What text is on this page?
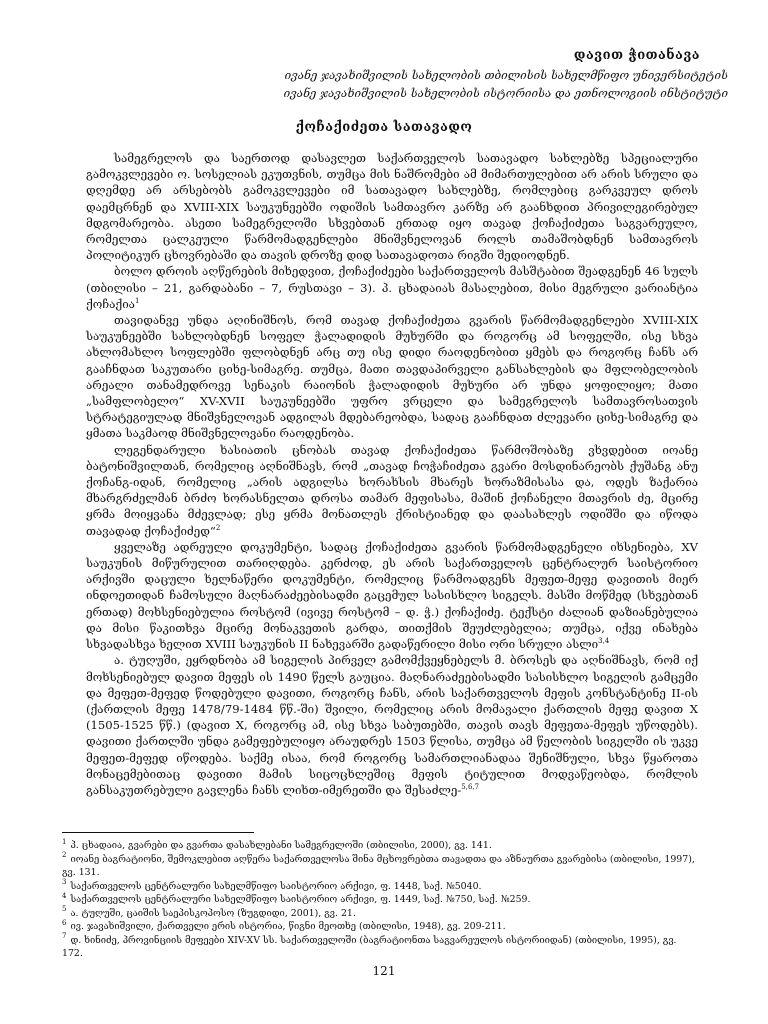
დავით ჭითანავა
ივანე ჯავახიშვილის სახელობის თბილისის სახელმწიფო უნივერსიტეტის
ივანე ჯავახიშვილის სახელობის ისტორიისა და ეთნოლოგიის ინსტიტუტი
ქოჩაქიძეთა სათავადო

სამეგრელოს და საერთოდ დასავლეთ საქართველოს სათავადო სახლებზე სპეციალური გამოკვლევები ო. სოსელიას ეკუთვნის, თუმცა მის ნაშრომები ამ მიმართულებით არ არის სრული და დღემდე არ არსებობს გამოკვლევები იმ სათავადო სახლებზე, რომლებიც გარკვეულ დროს დაემცრნენ და XVIII-XIX საუკუნეებში ოდიშის სამთავრო კარზე არ გაანხდით პრივილეგირებულ მდგომარეობა. ასეთი სამეგრელოში სხვებთან ერთად იყო თავად ქოჩაქიძეთა საგვარეულო, რომელთა ცალკეული წარმომადგენლები მნიშვნელოვან როლს თამაშობდნენ სამთავროს პოლიტიკურ ცხოვრებაში და თავის დროზე დიდ სათავადოთა რიგში შედიოდნენ.

ბოლო დროის აღწერების მიხედვით, ქოჩაქიძეები საქართველოს მასშტაბით შეადგენენ 46 სულს (თბილისი – 21, გარდაბანი – 7, რუსთავი – 3). პ. ცხადაიას მასალებით, მისი მეგრული ვარიანტია ქოჩაქია$^1$

თავიდანვე უნდა აღინიშნოს, რომ თავად ქოჩაქიძეთა გვარის წარმომადგენლები XVIII-XIX საუკუნეებში სახლობდნენ სოფელ ჭალადიდის მუხურში და როგორც ამ სოფელში, ისე სხვა ახლომახლო სოფლებში ფლობდნენ არც თუ ისე დიდი რაოდენობით ყმებს და როგორც ჩანს არ გააჩნდათ საკუთარი ციხე-სიმაგრე. თუმცა, მათი თავდაპირველი განსახლების და მფლობელობის არეალი თანამედროვე სენაკის რაიონის ჭალადიდის მუხური არ უნდა ყოფილიყო; მათი „სამფლობელო“ XV-XVII საუკუნეებში უფრო ვრცელი და სამეგრელოს სამთავროსათვის სტრატეგიულად მნიშვნელოვან ადგილას მდებარეობდა, სადაც გააჩნდათ ძლევარი ციხე-სიმაგრე და ყმათა საკმაოდ მნიშვნელოვანი რაოდენობა.

ლეგენდარული ხასიათის ცნობას თავად ქოჩაქიძეთა წარმოშობაზე ვხვდებით იოანე ბატონიშვილთან, რომელიც აღნიშნავს, რომ „თავად ჩოჭაჩიძეთა გვარი მოსდინარეობს ქუშანგ ანუ ქოჩანგ-იდან, რომელიც „არის ადგილსა ხორახსის მხარეს ხორაზმისასა და, ოდეს ზაქარია მხარგრძელმან ბრძო ხორასნელთა დროსა თამარ მეფისასა, მაშინ ქოჩანელი მთავრის ძე, მცირე ყრმა მოიყვანა მძევლად; ესე ყრმა მონათლეს ქრისტიანედ და დაასახლეს ოდიშში და იწოდა თავადად ქოჩაქიძედ“$^2$

ყველაზე ადრეული დოკუმენტი, სადაც ქოჩაქიძეთა გვარის წარმომადგენელი იხსენიება, XV საუკუნის მიწურულით თარიღდება. კერძოდ, ეს არის საქართველოს ცენტრალურ საისტორიო არქივში დაცული ხელნაწერი დოკუმენტი, რომელიც წარმოადგენს მეფეთ-მეფე დავითის მიერ ინდოეთიდან ჩამოსული მაღნარაძეებისადმი გაცემულ სასისხლო სიგელს. მასში მოწმედ (სხვებთან ერთად) მოხსენიებულია როსტომ (ივივე როსტომ – დ. ჭ.) ქოჩაქიძე. ტექსტი ძალიან დაზიანებულია და მისი წაკითხვა მცირე მონაკვეთის გარდა, თითქმის შეუძლებელია; თუმცა, იქვე ინახება სხვადასხვა ხელით XVIII საუკუნის II ნახევარში გადაწერილი მისი ორი სრული ასლი$^{3,4}$

ა. ტუღუში, ეყრდნობა ამ სიგელის პირველ გამომქვეყნებელს მ. ბროსეს და აღნიშნავს, რომ იქ მოხსენიებულ დავით მეფეს ის 1490 წელს გაუცია. მაღნარაძეებისადმი სასისხლო სიგელის გამცემი და მეფეთ-მეფედ წოდებული დავითი, როგორც ჩანს, არის საქართველოს მეფის კონსტანტინე II-ის (ქართლის მეფე 1478/79-1484 წწ.-ში) შვილი, რომელიც არის მომავალი ქართლის მეფე დავით X (1505-1525 წწ.) (დავით X, როგორც ამ, ისე სხვა საბუთებში, თავის თავს მეფეთა-მეფეს უწოდებს). დავითი ქართლში უნდა გამეფებულიყო არაუდრეს 1503 წლისა, თუმცა ამ წელობის სიგელში ის უკვე მეფეთ-მეფედ იწოდება. საქმე ისაა, რომ როგორც სამართლიანადაა შენიშნული, სხვა წყაროთა მონაცემებითაც დავითი მამის სიცოცხლეშიც მეფის ტიტულით მოდვაწეობდა, რომლის განსაკუთრებული გავლენა ჩანს ლიხთ-იმერეთში და შესაძლე-$^{5,6,7}$

$^1$ პ. ცხადაია, გვარები და გვართა დასახლებანი სამეგრელოში (თბილისი, 2000), გვ. 141.

$^2$ იოანე ბაგრატიონი, შემოკლებით აღწერა საქართველოსა შინა მცხოვრებთა თავადთა და აზნაურთა გვარებისა (თბილისი, 1997), გვ. 131.

$^3$ საქართველოს ცენტრალური სახელმწიფო საისტორიო არქივი, ფ. 1448, საქ. №5040.

$^4$ საქართველოს ცენტრალური სახელმწიფო საისტორიო არქივი, ფ. 1449, საქ. №750, საქ. №259.

$^5$ ა. ტუღუში, ცაიშის საეპისკოპოსო (ზუგდიდი, 2001), გვ. 21.

$^6$ ივ. ჯავახიშვილი, ქართველი ერის ისტორია, წიგნი მეოთხე (თბილისი, 1948), გვ. 209-211.

$^7$ დ. ხინიძე, პროვინციის მეფეები XIV-XV სს. საქართველოში (ბაგრატიონთა საგვარეულოს ისტორიიდან) (თბილისი, 1995), გვ. 172.

121
